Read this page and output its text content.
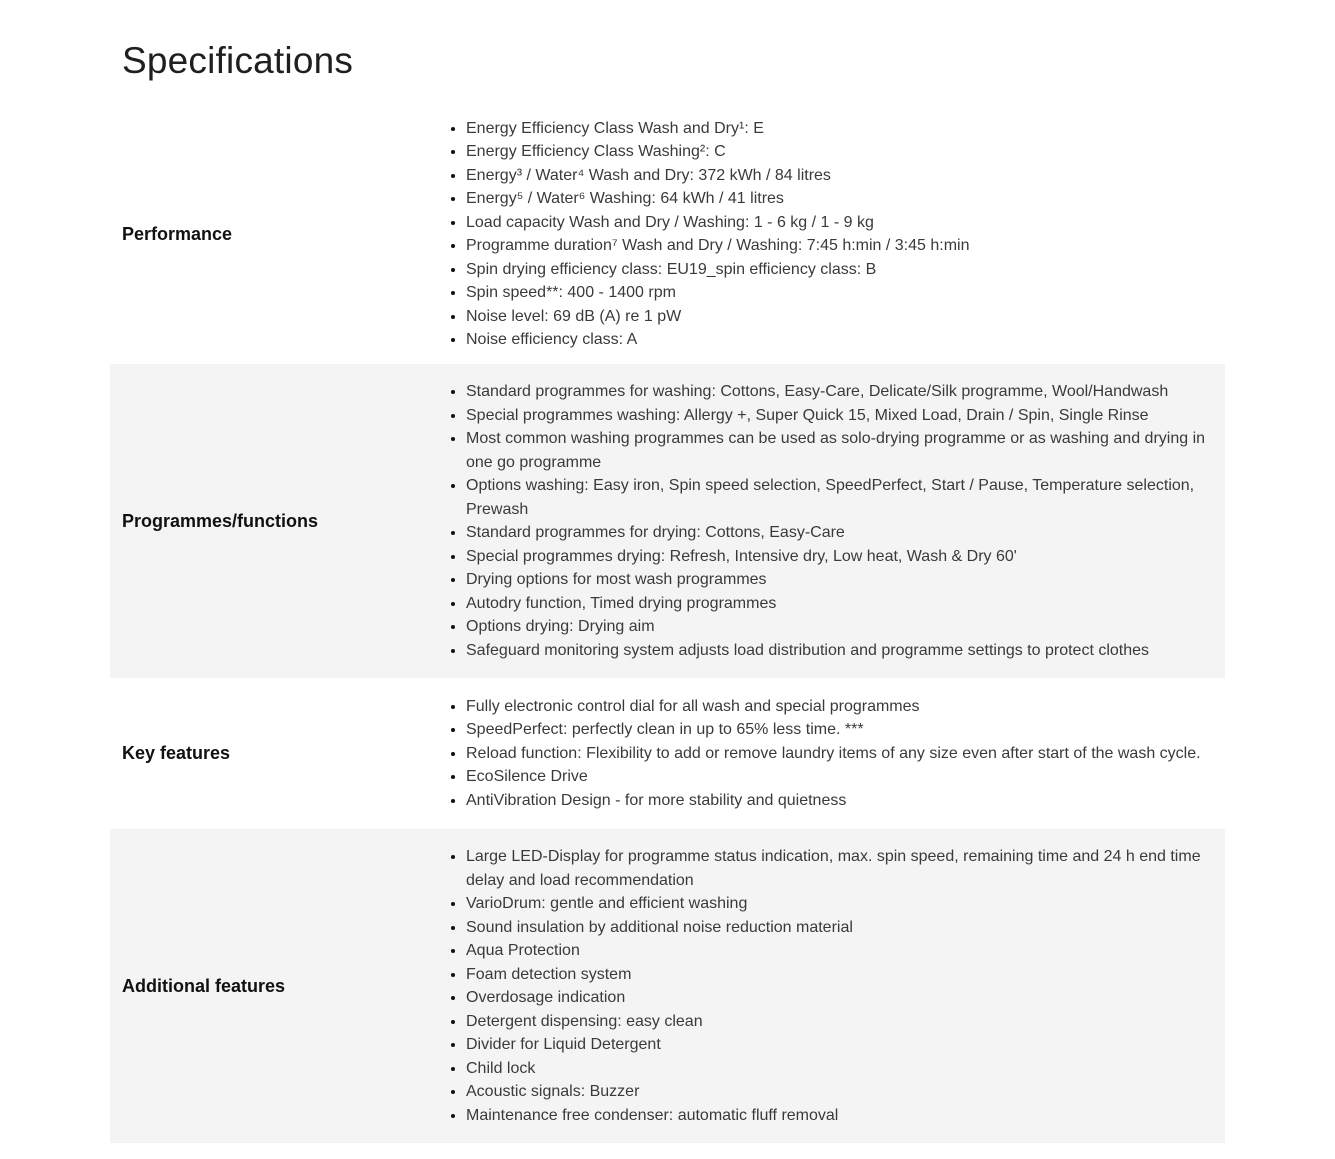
Specifications
Performance
• Energy Efficiency Class Wash and Dry¹: E
• Energy Efficiency Class Washing²: C
• Energy³ / Water⁴ Wash and Dry: 372 kWh / 84 litres
• Energy⁵ / Water⁶ Washing: 64 kWh / 41 litres
• Load capacity Wash and Dry / Washing: 1 - 6 kg / 1 - 9 kg
• Programme duration⁷ Wash and Dry / Washing: 7:45 h:min / 3:45 h:min
• Spin drying efficiency class: EU19_spin efficiency class: B
• Spin speed**: 400 - 1400 rpm
• Noise level: 69 dB (A) re 1 pW
• Noise efficiency class: A
Programmes/functions
• Standard programmes for washing: Cottons, Easy-Care, Delicate/Silk programme, Wool/Handwash
• Special programmes washing: Allergy +, Super Quick 15, Mixed Load, Drain / Spin, Single Rinse
• Most common washing programmes can be used as solo-drying programme or as washing and drying in one go programme
• Options washing: Easy iron, Spin speed selection, SpeedPerfect, Start / Pause, Temperature selection, Prewash
• Standard programmes for drying: Cottons, Easy-Care
• Special programmes drying: Refresh, Intensive dry, Low heat, Wash & Dry 60'
• Drying options for most wash programmes
• Autodry function, Timed drying programmes
• Options drying: Drying aim
• Safeguard monitoring system adjusts load distribution and programme settings to protect clothes
Key features
• Fully electronic control dial for all wash and special programmes
• SpeedPerfect: perfectly clean in up to 65% less time. ***
• Reload function: Flexibility to add or remove laundry items of any size even after start of the wash cycle.
• EcoSilence Drive
• AntiVibration Design - for more stability and quietness
Additional features
• Large LED-Display for programme status indication, max. spin speed, remaining time and 24 h end time delay and load recommendation
• VarioDrum: gentle and efficient washing
• Sound insulation by additional noise reduction material
• Aqua Protection
• Foam detection system
• Overdosage indication
• Detergent dispensing: easy clean
• Divider for Liquid Detergent
• Child lock
• Acoustic signals: Buzzer
• Maintenance free condenser: automatic fluff removal
